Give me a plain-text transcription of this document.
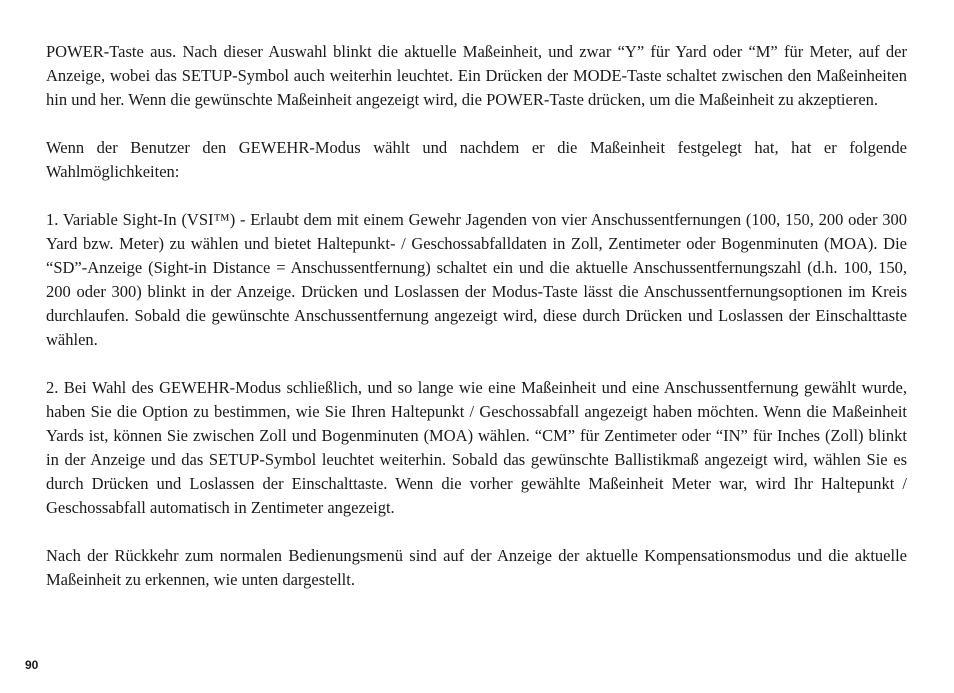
POWER-Taste aus. Nach dieser Auswahl blinkt die aktuelle Maßeinheit, und zwar “Y” für Yard oder “M” für Meter, auf der Anzeige, wobei das SETUP-Symbol auch weiterhin leuchtet. Ein Drücken der MODE-Taste schaltet zwischen den Maßeinheiten hin und her. Wenn die gewünschte Maßeinheit angezeigt wird, die POWER-Taste drücken, um die Maßeinheit zu akzeptieren.

Wenn der Benutzer den GEWEHR-Modus wählt und nachdem er die Maßeinheit festgelegt hat, hat er folgende Wahlmöglichkeiten:

1. Variable Sight-In (VSI™) - Erlaubt dem mit einem Gewehr Jagenden von vier Anschussentfernungen (100, 150, 200 oder 300 Yard bzw. Meter) zu wählen und bietet Haltepunkt- / Geschossabfalldaten in Zoll, Zentimeter oder Bogenminuten (MOA). Die “SD”-Anzeige (Sight-in Distance = Anschussentfernung) schaltet ein und die aktuelle Anschussentfernungszahl (d.h. 100, 150, 200 oder 300) blinkt in der Anzeige. Drücken und Loslassen der Modus-Taste lässt die Anschussentfernungsoptionen im Kreis durchlaufen. Sobald die gewünschte Anschussentfernung angezeigt wird, diese durch Drücken und Loslassen der Einschalttaste wählen.

2. Bei Wahl des GEWEHR-Modus schließlich, und so lange wie eine Maßeinheit und eine Anschussentfernung gewählt wurde, haben Sie die Option zu bestimmen, wie Sie Ihren Haltepunkt / Geschossabfall angezeigt haben möchten. Wenn die Maßeinheit Yards ist, können Sie zwischen Zoll und Bogenminuten (MOA) wählen. “CM” für Zentimeter oder “IN” für Inches (Zoll) blinkt in der Anzeige und das SETUP-Symbol leuchtet weiterhin. Sobald das gewünschte Ballistikmaß angezeigt wird, wählen Sie es durch Drücken und Loslassen der Einschalttaste. Wenn die vorher gewählte Maßeinheit Meter war, wird Ihr Haltepunkt / Geschossabfall automatisch in Zentimeter angezeigt.

Nach der Rückkehr zum normalen Bedienungsmenü sind auf der Anzeige der aktuelle Kompensationsmodus und die aktuelle Maßeinheit zu erkennen, wie unten dargestellt.

90
